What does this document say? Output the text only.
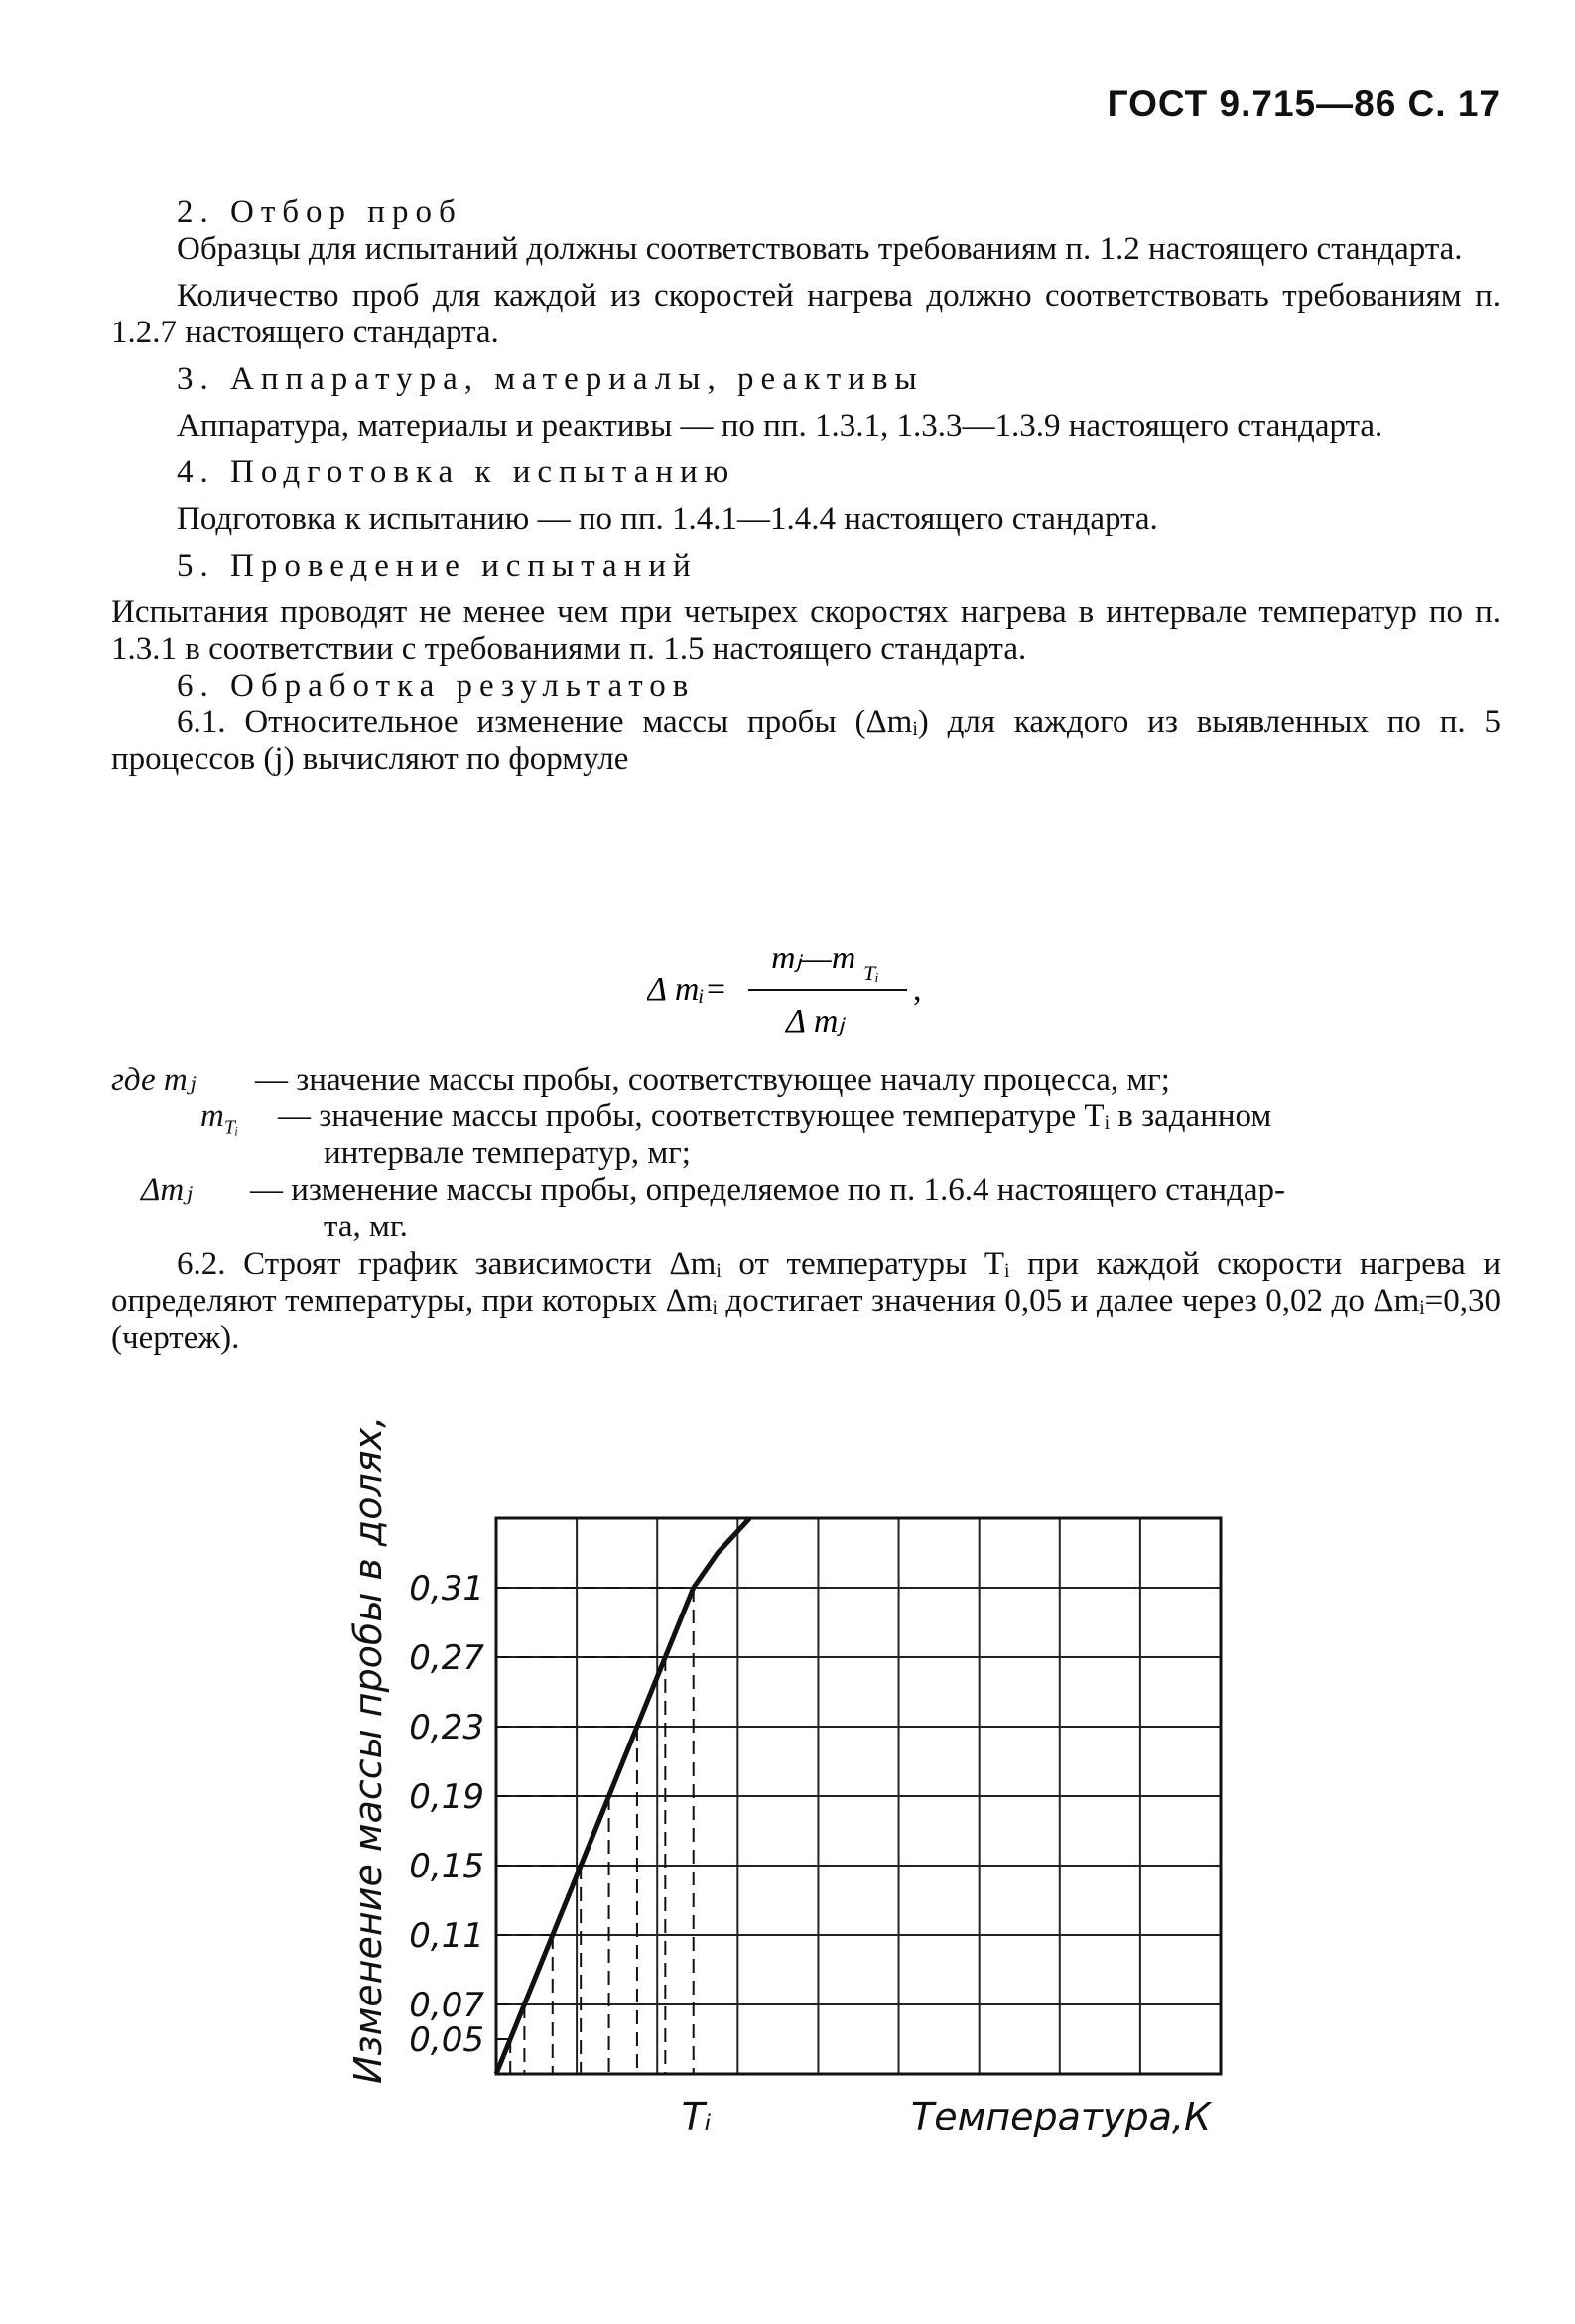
ГОСТ 9.715—86 С. 17

2. Отбор проб

Образцы для испытаний должны соответствовать требованиям п. 1.2 настоящего стандарта.

Количество проб для каждой из скоростей нагрева должно соответствовать требованиям п. 1.2.7 настоящего стандарта.

3. Аппаратура, материалы, реактивы

Аппаратура, материалы и реактивы — по пп. 1.3.1, 1.3.3—1.3.9 настоящего стандарта.

4. Подготовка к испытанию

Подготовка к испытанию — по пп. 1.4.1—1.4.4 настоящего стандарта.

5. Проведение испытаний

Испытания проводят не менее чем при четырех скоростях нагрева в интервале температур по п. 1.3.1 в соответствии с требованиями п. 1.5 настоящего стандарта.

6. Обработка результатов

6.1. Относительное изменение массы пробы (Δmᵢ) для каждого из выявленных по п. 5 процессов (j) вычисляют по формуле

Δ mᵢ=
mⱼ—m Tᵢ
Δ mⱼ
,
где mⱼ — значение массы пробы, соответствующее началу процесса, мг;
$m_{Tᵢ}$ — значение массы пробы, соответствующее температуре Tᵢ в заданном
интервале температур, мг;
Δmⱼ — изменение массы пробы, определяемое по п. 1.6.4 настоящего стандар-
та, мг.

6.2. Строят график зависимости Δmᵢ от температуры Tᵢ при каждой скорости нагрева и определяют температуры, при которых Δmᵢ достигает значения 0,05 и далее через 0,02 до Δmᵢ=0,30 (чертеж).

0,05
0,07
0,11
0,15
0,19
0,23
0,27
0,31
Tᵢ	Температура,К
Изменение массы пробы в долях,Δmᵢ
